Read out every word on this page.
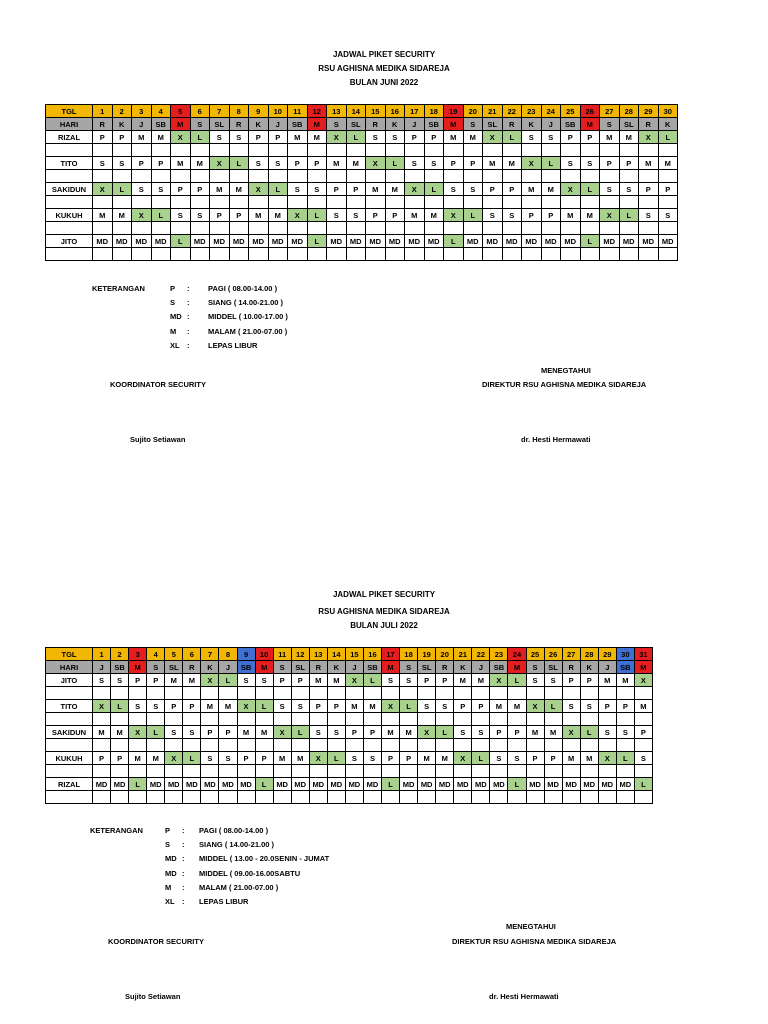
JADWAL PIKET SECURITY
RSU AGHISNA MEDIKA SIDAREJA
BULAN JUNI 2022
TGL	1	2	3	4	5	6	7	8	9	10	11	12	13	14	15	16	17	18	19	20	21	22	23	24	25	26	27	28	29	30
HARI	R	K	J	SB	M	S	SL	R	K	J	SB	M	S	SL	R	K	J	SB	M	S	SL	R	K	J	SB	M	S	SL	R	K
RIZAL	P	P	M	M	X	L	S	S	P	P	M	M	X	L	S	S	P	P	M	M	X	L	S	S	P	P	M	M	X	L

TITO	S	S	P	P	M	M	X	L	S	S	P	P	M	M	X	L	S	S	P	P	M	M	X	L	S	S	P	P	M	M

SAKIDUN	X	L	S	S	P	P	M	M	X	L	S	S	P	P	M	M	X	L	S	S	P	P	M	M	X	L	S	S	P	P

KUKUH	M	M	X	L	S	S	P	P	M	M	X	L	S	S	P	P	M	M	X	L	S	S	P	P	M	M	X	L	S	S

JITO	MD	MD	MD	MD	L	MD	MD	MD	MD	MD	MD	L	MD	MD	MD	MD	MD	MD	L	MD	MD	MD	MD	MD	MD	L	MD	MD	MD	MD

KETERANGAN	P : PAGI ( 08.00-14.00 )
S : SIANG ( 14.00-21.00 )
MD : MIDDEL ( 10.00-17.00 )
M : MALAM ( 21.00-07.00 )
XL : LEPAS LIBUR
KOORDINATOR SECURITY
MENEGTAHUI
DIREKTUR RSU AGHISNA MEDIKA SIDAREJA
Sujito Setiawan	dr. Hesti Hermawati
JADWAL PIKET SECURITY
RSU AGHISNA MEDIKA SIDAREJA
BULAN JULI 2022
TGL	1	2	3	4	5	6	7	8	9	10	11	12	13	14	15	16	17	18	19	20	21	22	23	24	25	26	27	28	29	30	31
HARI	J	SB	M	S	SL	R	K	J	SB	M	S	SL	R	K	J	SB	M	S	SL	R	K	J	SB	M	S	SL	R	K	J	SB	M
JITO	S	S	P	P	M	M	X	L	S	S	P	P	M	M	X	L	S	S	P	P	M	M	X	L	S	S	P	P	M	M	X

TITO	X	L	S	S	P	P	M	M	X	L	S	S	P	P	M	M	X	L	S	S	P	P	M	M	X	L	S	S	P	P	M

SAKIDUN	M	M	X	L	S	S	P	P	M	M	X	L	S	S	P	P	M	M	X	L	S	S	P	P	M	M	X	L	S	S	P

KUKUH	P	P	M	M	X	L	S	S	P	P	M	M	X	L	S	S	P	P	M	M	X	L	S	S	P	P	M	M	X	L	S

RIZAL	MD	MD	L	MD	MD	MD	MD	MD	MD	L	MD	MD	MD	MD	MD	MD	L	MD	MD	MD	MD	MD	MD	L	MD	MD	MD	MD	MD	MD	L

KETERANGAN	P : PAGI ( 08.00-14.00 )
S : SIANG ( 14.00-21.00 )
MD : MIDDEL ( 13.00 - 20.0SENIN - JUMAT
MD : MIDDEL ( 09.00-16.00SABTU
M : MALAM ( 21.00-07.00 )
XL : LEPAS LIBUR
KOORDINATOR SECURITY
MENEGTAHUI
DIREKTUR RSU AGHISNA MEDIKA SIDAREJA
Sujito Setiawan	dr. Hesti Hermawati
